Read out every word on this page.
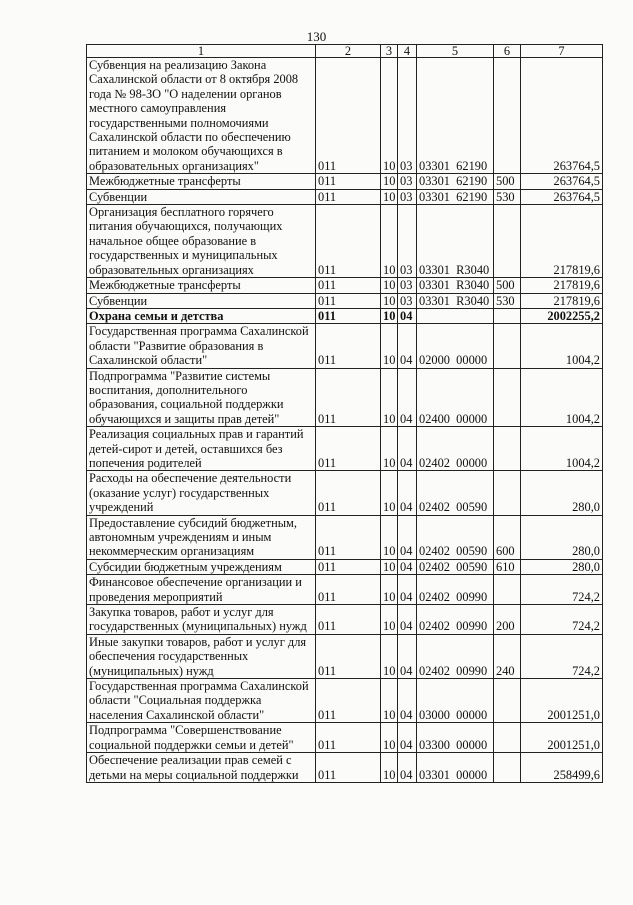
130
1	2	3	4	5	6	7
Субвенция на реализацию Закона Сахалинской области от 8 октября 2008 года № 98-ЗО "О наделении органов местного самоуправления государственными полномочиями Сахалинской области по обеспечению питанием и молоком обучающихся в образовательных организациях"	011	10	03	03301  62190		263764,5
Межбюджетные трансферты	011	10	03	03301  62190	500	263764,5
Субвенции	011	10	03	03301  62190	530	263764,5
Организация бесплатного горячего питания обучающихся, получающих начальное общее образование в государственных и муниципальных образовательных организациях	011	10	03	03301  R3040		217819,6
Межбюджетные трансферты	011	10	03	03301  R3040	500	217819,6
Субвенции	011	10	03	03301  R3040	530	217819,6
Охрана семьи и детства	011	10	04			2002255,2
Государственная программа Сахалинской области "Развитие образования в Сахалинской области"	011	10	04	02000  00000		1004,2
Подпрограмма "Развитие системы воспитания, дополнительного образования, социальной поддержки обучающихся и защиты прав детей"	011	10	04	02400  00000		1004,2
Реализация социальных прав и гарантий детей-сирот и детей, оставшихся без попечения родителей	011	10	04	02402  00000		1004,2
Расходы на обеспечение деятельности (оказание услуг) государственных учреждений	011	10	04	02402  00590		280,0
Предоставление субсидий бюджетным, автономным учреждениям и иным некоммерческим организациям	011	10	04	02402  00590	600	280,0
Субсидии бюджетным учреждениям	011	10	04	02402  00590	610	280,0
Финансовое обеспечение организации и проведения мероприятий	011	10	04	02402  00990		724,2
Закупка товаров, работ и услуг для государственных (муниципальных) нужд	011	10	04	02402  00990	200	724,2
Иные закупки товаров, работ и услуг для обеспечения государственных (муниципальных) нужд	011	10	04	02402  00990	240	724,2
Государственная программа Сахалинской области "Социальная поддержка населения Сахалинской области"	011	10	04	03000  00000		2001251,0
Подпрограмма "Совершенствование социальной поддержки семьи и детей"	011	10	04	03300  00000		2001251,0
Обеспечение реализации прав семей с детьми на меры социальной поддержки	011	10	04	03301  00000		258499,6
